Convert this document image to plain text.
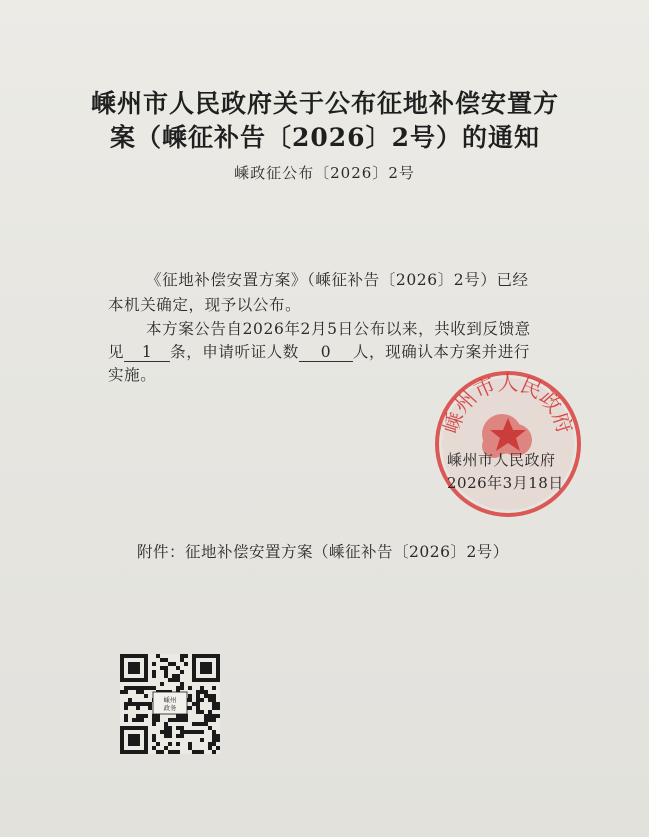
嵊州市人民政府关于公布征地补偿安置方
案（嵊征补告〔2026〕2号）的通知
嵊政征公布〔2026〕2号
《征地补偿安置方案》（嵊征补告〔2026〕2号）已经
本机关确定，现予以公布。
本方案公告自2026年2月5日公布以来，共收到反馈意
见 1 条，申请听证人数 0 人，现确认本方案并进行
实施。
嵊州市人民政府
嵊州市人民政府
2026年3月18日
附件：征地补偿安置方案（嵊征补告〔2026〕2号）
嵊州
政务
